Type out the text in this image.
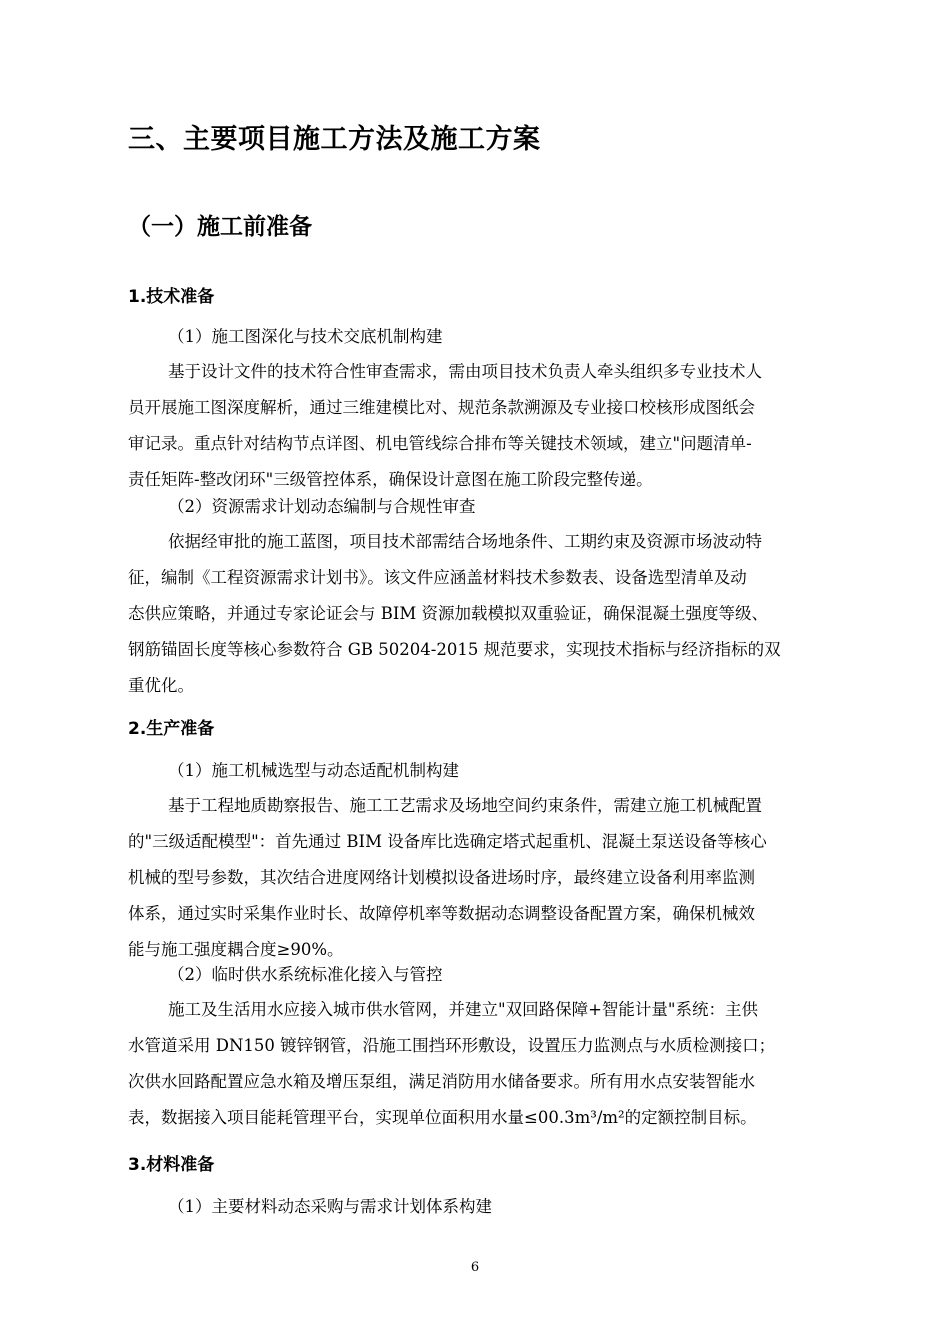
三、主要项目施工方法及施工方案
（一）施工前准备
1.技术准备

（1）施工图深化与技术交底机制构建

基于设计文件的技术符合性审查需求，需由项目技术负责人牵头组织多专业技术人
员开展施工图深度解析，通过三维建模比对、规范条款溯源及专业接口校核形成图纸会
审记录。重点针对结构节点详图、机电管线综合排布等关键技术领域，建立"问题清单-
责任矩阵-整改闭环"三级管控体系，确保设计意图在施工阶段完整传递。

（2）资源需求计划动态编制与合规性审查

依据经审批的施工蓝图，项目技术部需结合场地条件、工期约束及资源市场波动特
征，编制《工程资源需求计划书》。该文件应涵盖材料技术参数表、设备选型清单及动
态供应策略，并通过专家论证会与 BIM 资源加载模拟双重验证，确保混凝土强度等级、
钢筋锚固长度等核心参数符合 GB 50204-2015 规范要求，实现技术指标与经济指标的双
重优化。
2.生产准备

（1）施工机械选型与动态适配机制构建

基于工程地质勘察报告、施工工艺需求及场地空间约束条件，需建立施工机械配置
的"三级适配模型"：首先通过 BIM 设备库比选确定塔式起重机、混凝土泵送设备等核心
机械的型号参数，其次结合进度网络计划模拟设备进场时序，最终建立设备利用率监测
体系，通过实时采集作业时长、故障停机率等数据动态调整设备配置方案，确保机械效
能与施工强度耦合度≥90%。

（2）临时供水系统标准化接入与管控

施工及生活用水应接入城市供水管网，并建立"双回路保障+智能计量"系统：主供
水管道采用 DN150 镀锌钢管，沿施工围挡环形敷设，设置压力监测点与水质检测接口；
次供水回路配置应急水箱及增压泵组，满足消防用水储备要求。所有用水点安装智能水
表，数据接入项目能耗管理平台，实现单位面积用水量≤00.3m³/m²的定额控制目标。
3.材料准备

（1）主要材料动态采购与需求计划体系构建

6
